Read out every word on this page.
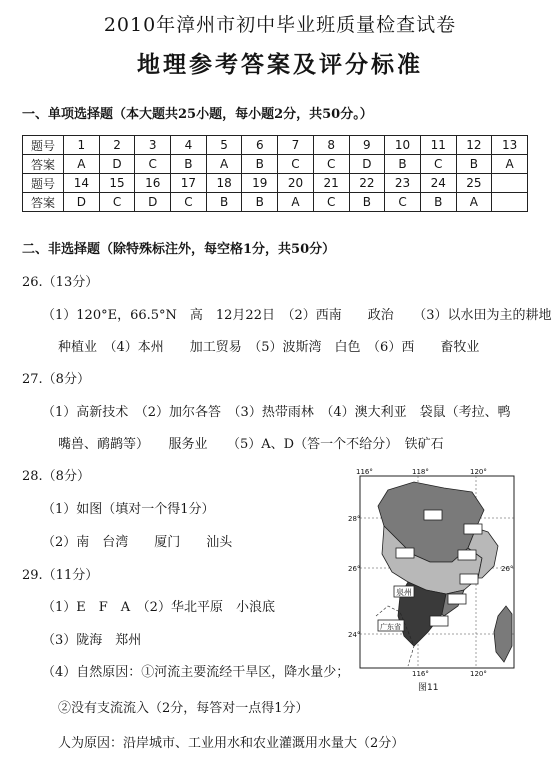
2010年漳州市初中毕业班质量检查试卷
地理参考答案及评分标准
一、单项选择题（本大题共25小题，每小题2分，共50分。）
题号	1	2	3	4	5	6	7	8	9	10	11	12	13
答案	A	D	C	B	A	B	C	C	D	B	C	B	A
题号	14	15	16	17	18	19	20	21	22	23	24	25	
答案	D	C	D	C	B	B	A	C	B	C	B	A	
二、非选择题（除特殊标注外，每空格1分，共50分）
26.（13分）
（1）120°E，66.5°N　高　12月22日　（2）西南　　政治　　（3）以水田为主的耕地
种植业　（4）本州　　加工贸易　（5）波斯湾　白色　（6）西　　畜牧业
27.（8分）
（1）高新技术　（2）加尔各答　（3）热带雨林　（4）澳大利亚　袋鼠（考拉、鸭
嘴兽、鸸鹋等）　　服务业　　（5）A、D（答一个不给分）　铁矿石
28.（8分）
（1）如图（填对一个得1分）
（2）南　台湾　　厦门　　汕头
29.（11分）
（1）E　F　A　（2）华北平原　小浪底
（3）陇海　郑州
（4）自然原因：①河流主要流经干旱区，降水量少；
②没有支流流入（2分，每答对一点得1分）
人为原因：沿岸城市、工业用水和农业灌溉用水量大（2分）
泉州
广东省
116°	118°	120°
116°	120°
28°
26°
24°
26°
图11
